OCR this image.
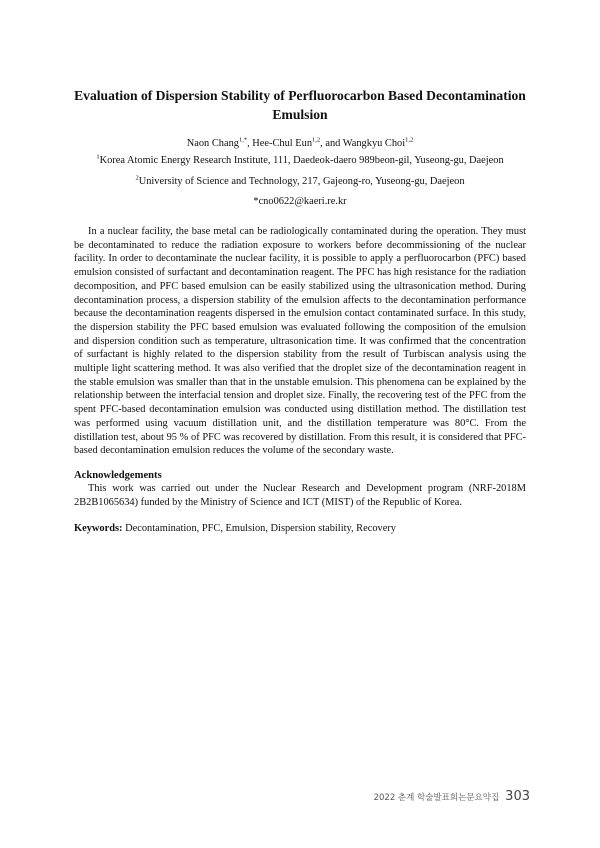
Evaluation of Dispersion Stability of Perfluorocarbon Based Decontamination Emulsion
Naon Chang$^{1,*}$, Hee-Chul Eun$^{1,2}$, and Wangkyu Choi$^{1,2}$
$^1$Korea Atomic Energy Research Institute, 111, Daedeok-daero 989beon-gil, Yuseong-gu, Daejeon
$^2$University of Science and Technology, 217, Gajeong-ro, Yuseong-gu, Daejeon
*cno0622@kaeri.re.kr

In a nuclear facility, the base metal can be radiologically contaminated during the operation. They must be decontaminated to reduce the radiation exposure to workers before decommissioning of the nuclear facility. In order to decontaminate the nuclear facility, it is possible to apply a perfluorocarbon (PFC) based emulsion consisted of surfactant and decontamination reagent. The PFC has high resistance for the radiation decomposition, and PFC based emulsion can be easily stabilized using the ultrasonication method. During decontamination process, a dispersion stability of the emulsion affects to the decontamination performance because the decontamination reagents dispersed in the emulsion contact contaminated surface. In this study, the dispersion stability the PFC based emulsion was evaluated following the composition of the emulsion and dispersion condition such as temperature, ultrasonication time. It was confirmed that the concentration of surfactant is highly related to the dispersion stability from the result of Turbiscan analysis using the multiple light scattering method. It was also verified that the droplet size of the decontamination reagent in the stable emulsion was smaller than that in the unstable emulsion. This phenomena can be explained by the relationship between the interfacial tension and droplet size. Finally, the recovering test of the PFC from the spent PFC-based decontamination emulsion was conducted using distillation method. The distillation test was performed using vacuum distillation unit, and the distillation temperature was 80°C. From the distillation test, about 95 % of PFC was recovered by distillation. From this result, it is considered that PFC-based decontamination emulsion reduces the volume of the secondary waste.

Acknowledgements

This work was carried out under the Nuclear Research and Development program (NRF-2018M 2B2B1065634) funded by the Ministry of Science and ICT (MIST) of the Republic of Korea.

Keywords: Decontamination, PFC, Emulsion, Dispersion stability, Recovery
2022 춘계 학술발표회논문요약집 303
